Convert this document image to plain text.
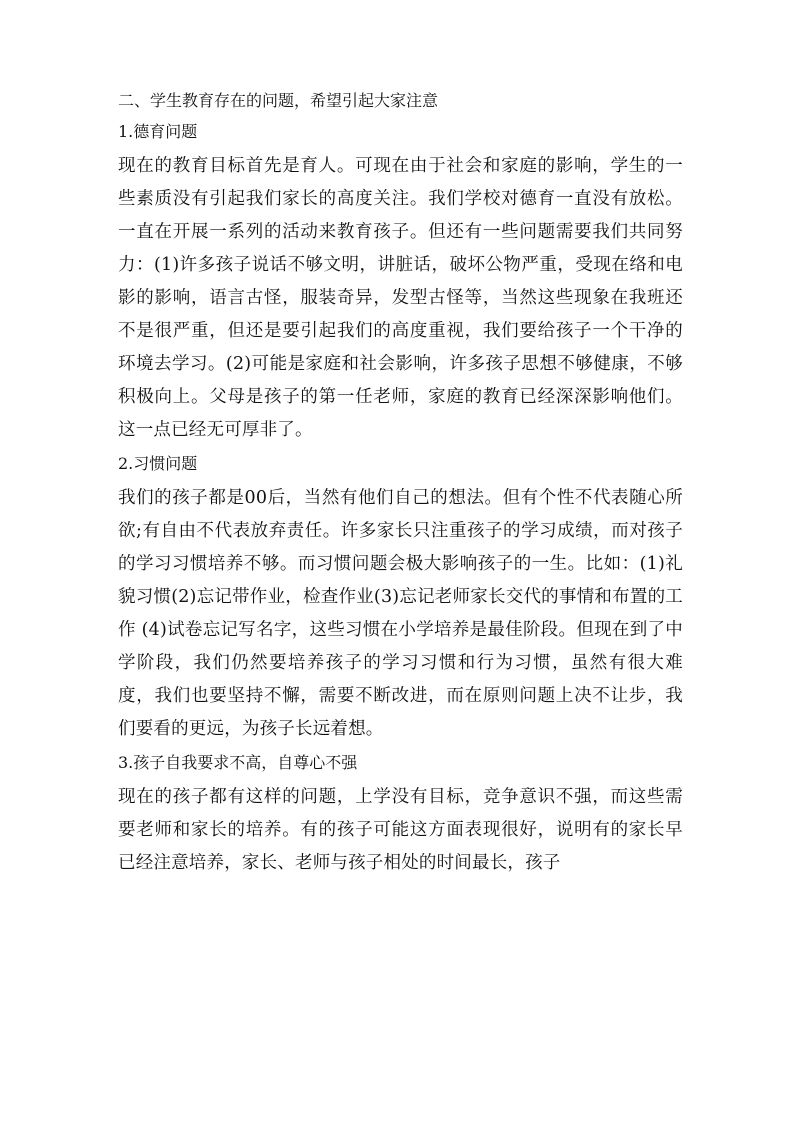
二、学生教育存在的问题，希望引起大家注意
1.德育问题

现在的教育目标首先是育人。可现在由于社会和家庭的影响，学生的一些素质没有引起我们家长的高度关注。我们学校对德育一直没有放松。一直在开展一系列的活动来教育孩子。但还有一些问题需要我们共同努力：(1)许多孩子说话不够文明，讲脏话，破坏公物严重，受现在络和电影的影响，语言古怪，服装奇异，发型古怪等，当然这些现象在我班还不是很严重，但还是要引起我们的高度重视，我们要给孩子一个干净的环境去学习。(2)可能是家庭和社会影响，许多孩子思想不够健康，不够积极向上。父母是孩子的第一任老师，家庭的教育已经深深影响他们。这一点已经无可厚非了。

2.习惯问题

我们的孩子都是00后，当然有他们自己的想法。但有个性不代表随心所欲;有自由不代表放弃责任。许多家长只注重孩子的学习成绩，而对孩子的学习习惯培养不够。而习惯问题会极大影响孩子的一生。比如：(1)礼貌习惯(2)忘记带作业，检查作业(3)忘记老师家长交代的事情和布置的工作 (4)试卷忘记写名字，这些习惯在小学培养是最佳阶段。但现在到了中学阶段，我们仍然要培养孩子的学习习惯和行为习惯，虽然有很大难度，我们也要坚持不懈，需要不断改进，而在原则问题上决不让步，我们要看的更远，为孩子长远着想。

3.孩子自我要求不高，自尊心不强

现在的孩子都有这样的问题，上学没有目标，竞争意识不强，而这些需要老师和家长的培养。有的孩子可能这方面表现很好，说明有的家长早已经注意培养，家长、老师与孩子相处的时间最长，孩子
